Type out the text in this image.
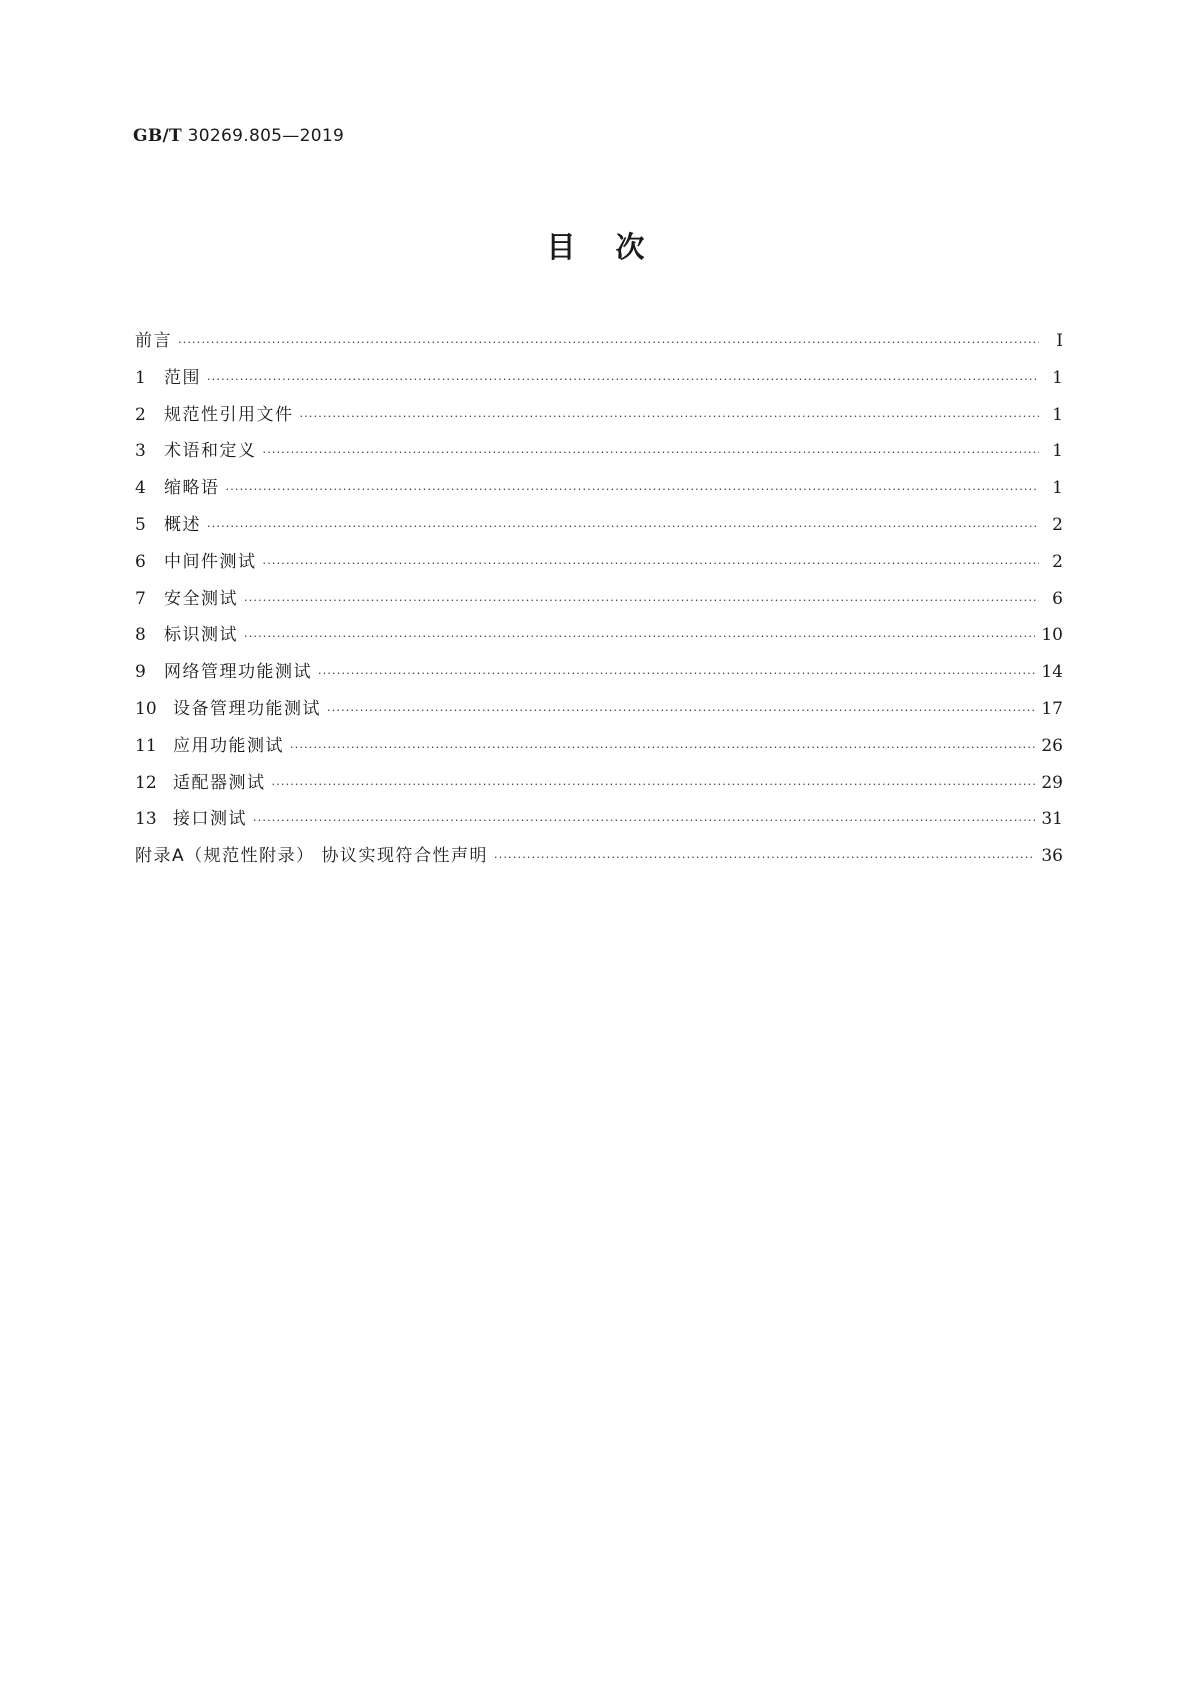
GB/T 30269.805—2019
目次
前言 ·····	Ⅰ
1	范围 ·····	1
2	规范性引用文件 ·····	1
3	术语和定义 ·····	1
4	缩略语 ·····	1
5	概述 ·····	2
6	中间件测试 ·····	2
7	安全测试 ·····	6
8	标识测试 ·····	10
9	网络管理功能测试 ·····	14
10 设备管理功能测试 ·····	17
11 应用功能测试 ·····	26
12 适配器测试 ·····	29
13 接口测试 ·····	31
附录A（规范性附录） 协议实现符合性声明 ·····	36
